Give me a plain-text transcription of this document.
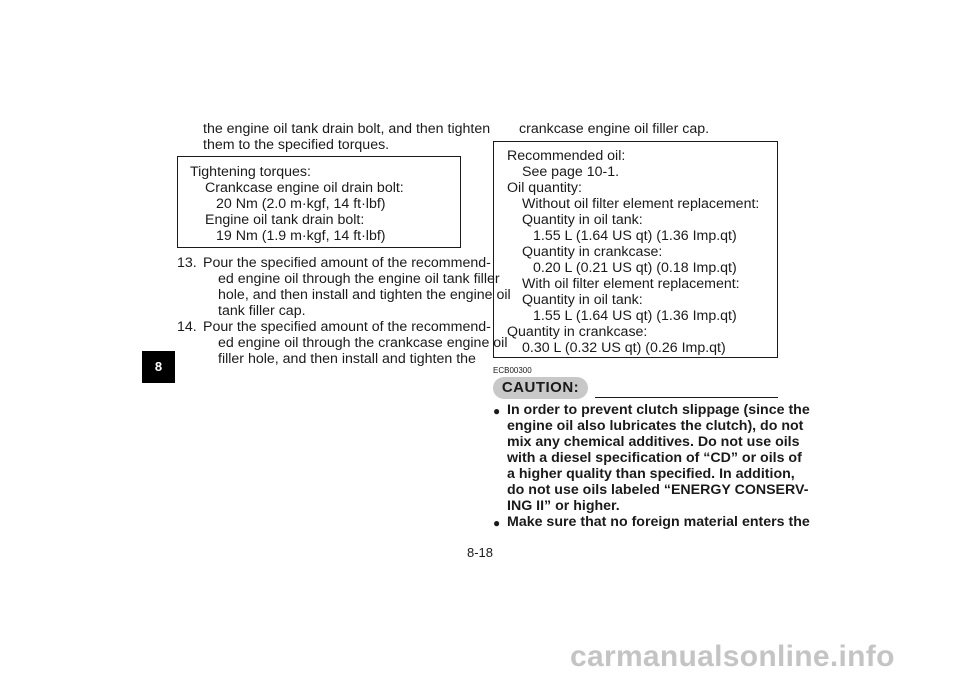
8
the engine oil tank drain bolt, and then tighten
them to the specified torques.
Tightening torques:
Crankcase engine oil drain bolt:
20 Nm (2.0 m·kgf, 14 ft·lbf)
Engine oil tank drain bolt:
19 Nm (1.9 m·kgf, 14 ft·lbf)
13. Pour the specified amount of the recommend-
ed engine oil through the engine oil tank filler
hole, and then install and tighten the engine oil
tank filler cap.
14. Pour the specified amount of the recommend-
ed engine oil through the crankcase engine oil
filler hole, and then install and tighten the
crankcase engine oil filler cap.
Recommended oil:
See page 10-1.
Oil quantity:
Without oil filter element replacement:
Quantity in oil tank:
1.55 L (1.64 US qt) (1.36 Imp.qt)
Quantity in crankcase:
0.20 L (0.21 US qt) (0.18 Imp.qt)
With oil filter element replacement:
Quantity in oil tank:
1.55 L (1.64 US qt) (1.36 Imp.qt)
Quantity in crankcase:
0.30 L (0.32 US qt) (0.26 Imp.qt)
ECB00300
CAUTION:
● In order to prevent clutch slippage (since the
engine oil also lubricates the clutch), do not
mix any chemical additives. Do not use oils
with a diesel specification of “CD” or oils of
a higher quality than specified. In addition,
do not use oils labeled “ENERGY CONSERV-
ING II” or higher.
● Make sure that no foreign material enters the
8-18
carmanualsonline.info
